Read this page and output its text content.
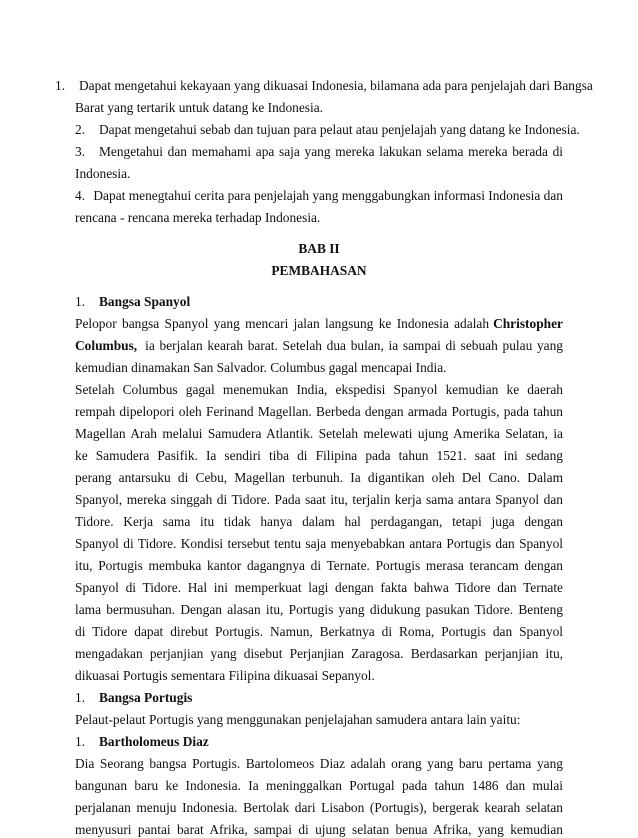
1. Dapat mengetahui kekayaan yang dikuasai Indonesia, bilamana ada para penjelajah dari Bangsa
Barat yang tertarik untuk datang ke Indonesia.
2. Dapat mengetahui sebab dan tujuan para pelaut atau penjelajah yang datang ke Indonesia.
3.	Mengetahui dan memahami apa saja yang mereka lakukan selama mereka berada di
Indonesia.
4. Dapat menegtahui cerita para penjelajah yang menggabungkan informasi Indonesia dan
rencana - rencana mereka terhadap Indonesia.
BAB II
PEMBAHASAN
1. Bangsa Spanyol
Pelopor bangsa Spanyol yang mencari jalan langsung ke Indonesia adalah Christopher
Columbus, ia berjalan kearah barat. Setelah dua bulan, ia sampai di sebuah pulau yang
kemudian dinamakan San Salvador. Columbus gagal mencapai India.
Setelah Columbus gagal menemukan India, ekspedisi Spanyol kemudian ke daerah
rempah dipelopori oleh Ferinand Magellan. Berbeda dengan armada Portugis, pada tahun
Magellan Arah melalui Samudera Atlantik. Setelah melewati ujung Amerika Selatan, ia
ke Samudera Pasifik. Ia sendiri tiba di Filipina pada tahun 1521. saat ini sedang
perang antarsuku di Cebu, Magellan terbunuh. Ia digantikan oleh Del Cano. Dalam
Spanyol, mereka singgah di Tidore. Pada saat itu, terjalin kerja sama antara Spanyol dan
Tidore. Kerja sama itu tidak hanya dalam hal perdagangan, tetapi juga dengan
Spanyol di Tidore. Kondisi tersebut tentu saja menyebabkan antara Portugis dan Spanyol
itu, Portugis membuka kantor dagangnya di Ternate. Portugis merasa terancam dengan
Spanyol di Tidore. Hal ini memperkuat lagi dengan fakta bahwa Tidore dan Ternate
lama bermusuhan. Dengan alasan itu, Portugis yang didukung pasukan Tidore. Benteng
di Tidore dapat direbut Portugis. Namun, Berkatnya di Roma, Portugis dan Spanyol
mengadakan perjanjian yang disebut Perjanjian Zaragosa. Berdasarkan perjanjian itu,
dikuasai Portugis sementara Filipina dikuasai Sepanyol.
1. Bangsa Portugis
Pelaut-pelaut Portugis yang menggunakan penjelajahan samudera antara lain yaitu:
1. Bartholomeus Diaz
Dia Seorang bangsa Portugis. Bartolomeos Diaz adalah orang yang baru pertama yang
bangunan baru ke Indonesia. Ia meninggalkan Portugal pada tahun 1486 dan mulai
perjalanan menuju Indonesia. Bertolak dari Lisabon (Portugis), bergerak kearah selatan
menyusuri pantai barat Afrika, sampai di ujung selatan benua Afrika, yang kemudian
